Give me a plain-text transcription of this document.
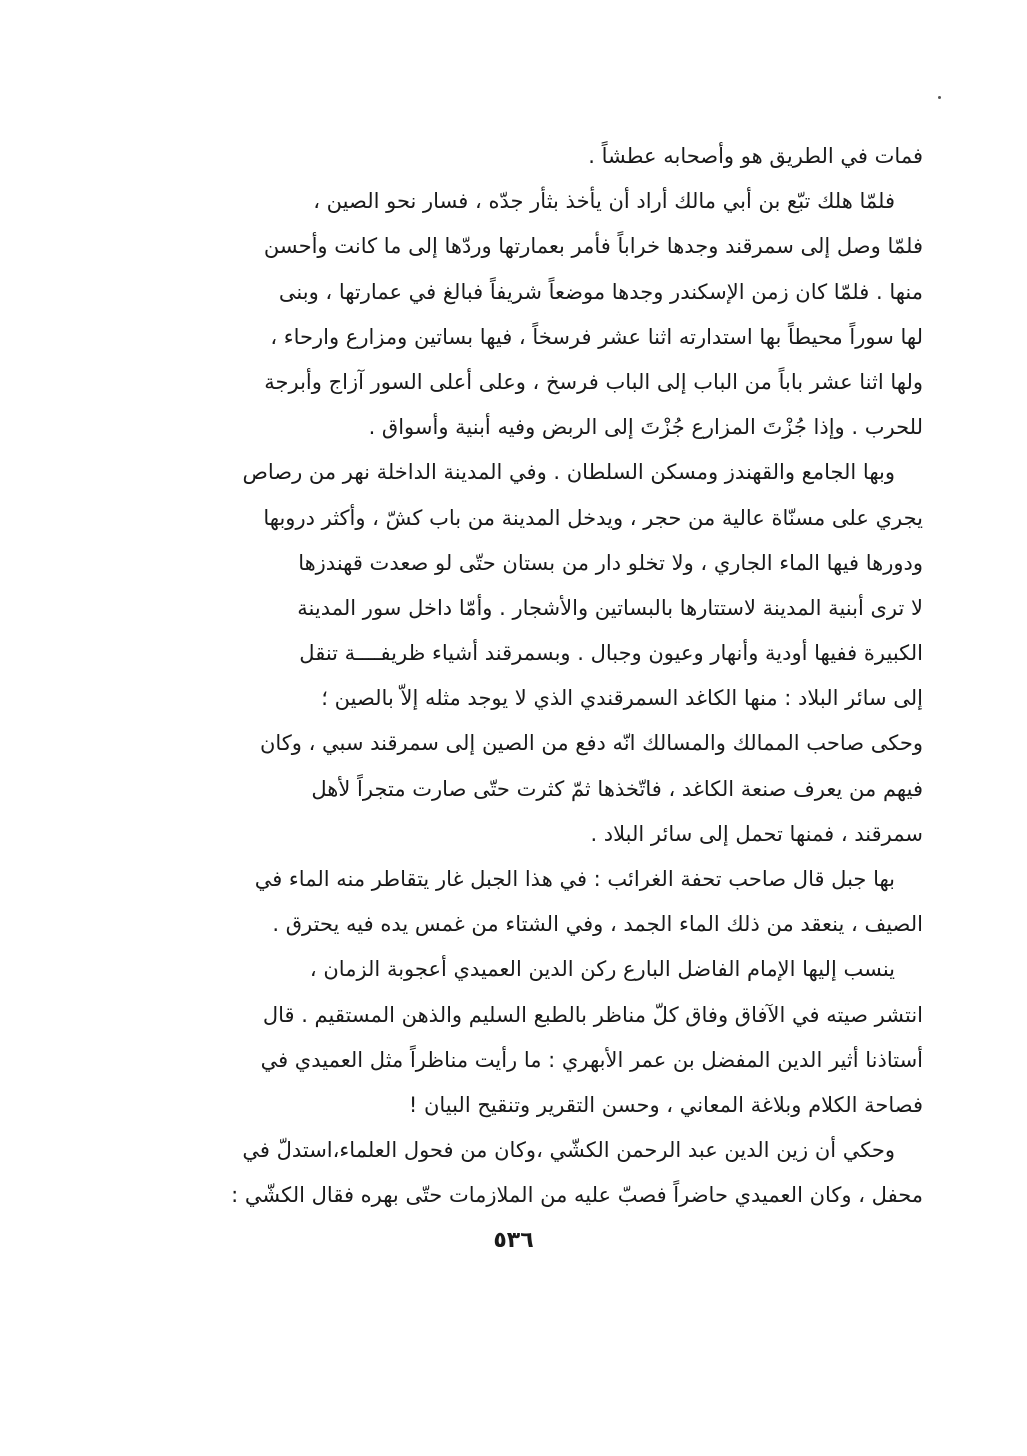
فمات في الطريق هو وأصحابه عطشاً .
فلمّا هلك تبّع بن أبي مالك أراد أن يأخذ بثأر جدّه ، فسار نحو الصين ،
فلمّا وصل إلى سمرقند وجدها خراباً فأمر بعمارتها وردّها إلى ما كانت وأحسن
منها . فلمّا كان زمن الإسكندر وجدها موضعاً شريفاً فبالغ في عمارتها ، وبنى
لها سوراً محيطاً بها استدارته اثنا عشر فرسخاً ، فيها بساتين ومزارع وارحاء ،
ولها اثنا عشر باباً من الباب إلى الباب فرسخ ، وعلى أعلى السور آزاج وأبرجة
للحرب . وإذا جُزْتَ المزارع جُزْتَ إلى الربض وفيه أبنية وأسواق .
وبها الجامع والقهندز ومسكن السلطان . وفي المدينة الداخلة نهر من رصاص
يجري على مسنّاة عالية من حجر ، ويدخل المدينة من باب كشّ ، وأكثر دروبها
ودورها فيها الماء الجاري ، ولا تخلو دار من بستان حتّى لو صعدت قهندزها
لا ترى أبنية المدينة لاستتارها بالبساتين والأشجار . وأمّا داخل سور المدينة
الكبيرة ففيها أودية وأنهار وعيون وجبال . وبسمرقند أشياء ظريفــــة تنقل
إلى سائر البلاد : منها الكاغد السمرقندي الذي لا يوجد مثله إلاّ بالصين ؛
وحكى صاحب الممالك والمسالك انّه دفع من الصين إلى سمرقند سبي ، وكان
فيهم من يعرف صنعة الكاغد ، فاتّخذها ثمّ كثرت حتّى صارت متجراً لأهل
سمرقند ، فمنها تحمل إلى سائر البلاد .
بها جبل قال صاحب تحفة الغرائب : في هذا الجبل غار يتقاطر منه الماء في
الصيف ، ينعقد من ذلك الماء الجمد ، وفي الشتاء من غمس يده فيه يحترق .
ينسب إليها الإمام الفاضل البارع ركن الدين العميدي أعجوبة الزمان ،
انتشر صيته في الآفاق وفاق كلّ مناظر بالطبع السليم والذهن المستقيم . قال
أستاذنا أثير الدين المفضل بن عمر الأبهري : ما رأيت مناظراً مثل العميدي في
فصاحة الكلام وبلاغة المعاني ، وحسن التقرير وتنقيح البيان !
وحكي أن زين الدين عبد الرحمن الكشّي ،وكان من فحول العلماء،استدلّ في
محفل ، وكان العميدي حاضراً فصبّ عليه من الملازمات حتّى بهره فقال الكشّي :
٥٣٦
